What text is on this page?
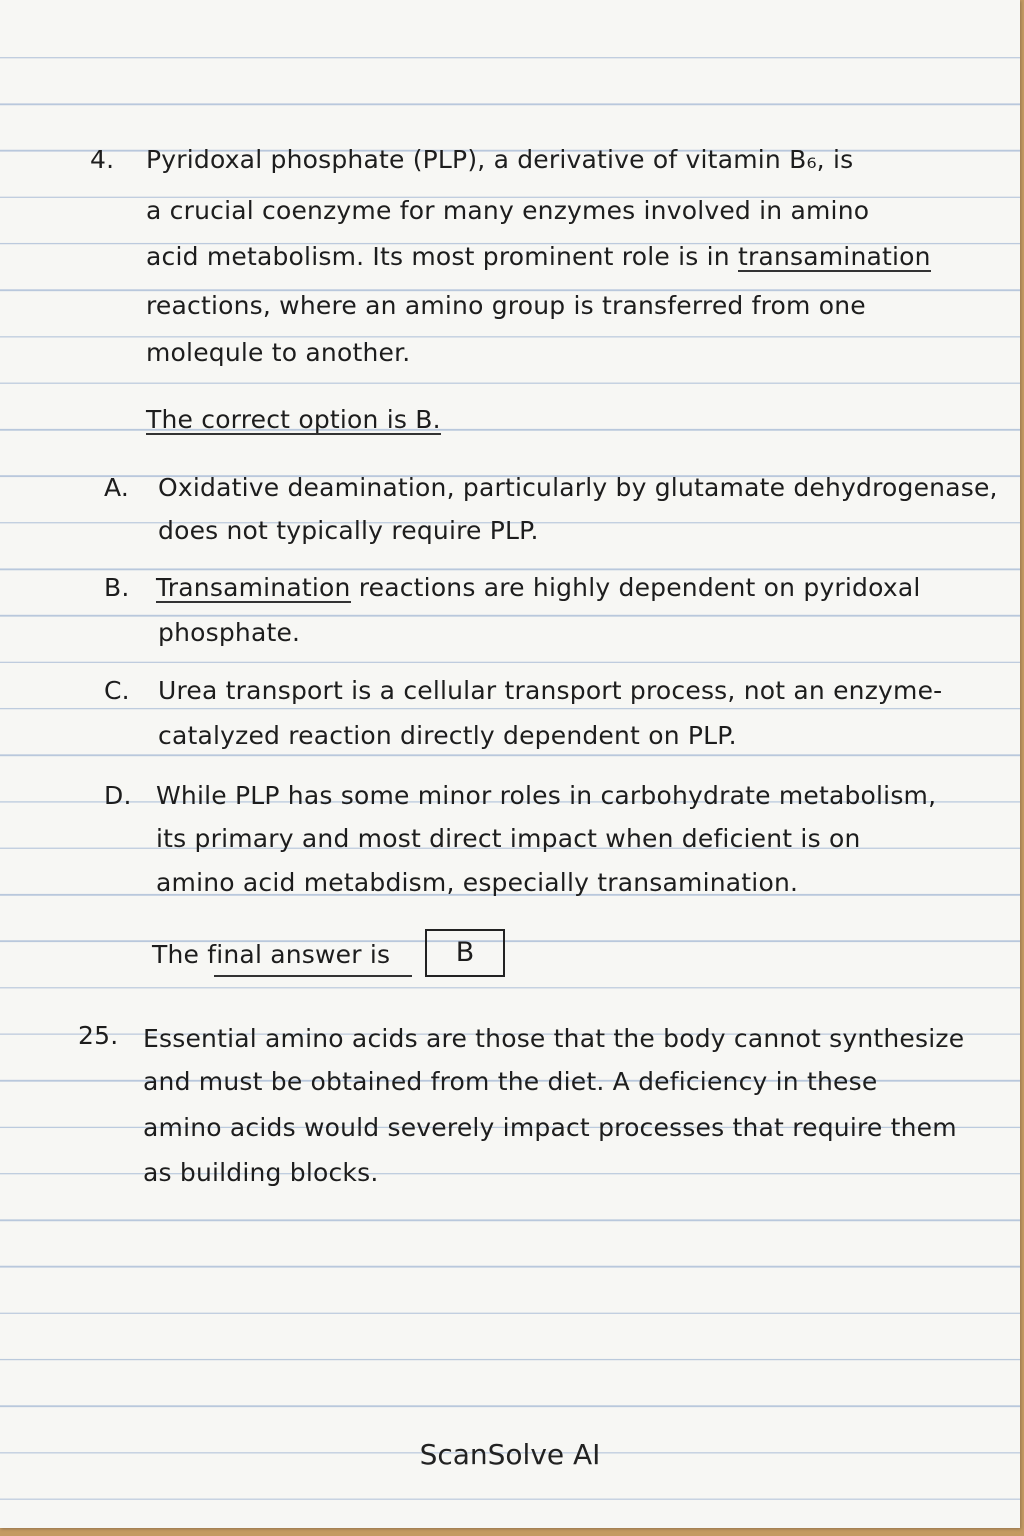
4. Pyridoxal phosphate (PLP), a derivative of vitamin B₆, is
a crucial coenzyme for many enzymes involved in amino
acid metabolism. Its most prominent role is in transamination
reactions, where an amino group is transferred from one
molequle to another.
The correct option is B.
A. Oxidative deamination, particularly by glutamate dehydrogenase,
does not typically require PLP.
B. Transamination reactions are highly dependent on pyridoxal
phosphate.
C. Urea transport is a cellular transport process, not an enzyme-
catalyzed reaction directly dependent on PLP.
D. While PLP has some minor roles in carbohydrate metabolism,
its primary and most direct impact when deficient is on
amino acid metabdism, especially transamination.
The final answer is	B
25. Essential amino acids are those that the body cannot synthesize
and must be obtained from the diet. A deficiency in these
amino acids would severely impact processes that require them
as building blocks.
ScanSolve AI
